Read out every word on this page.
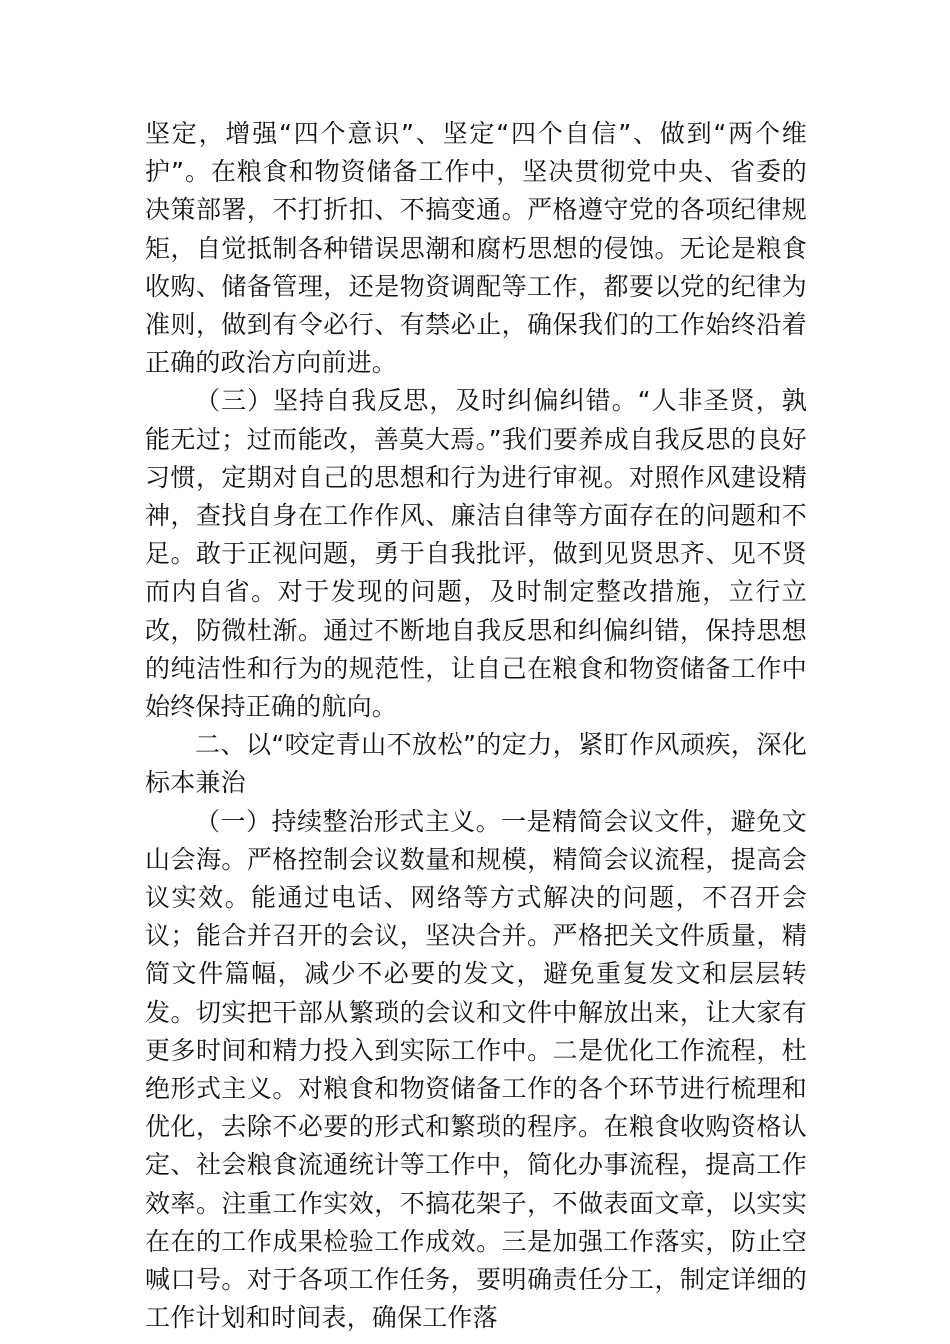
坚定，增强“四个意识”、坚定“四个自信”、做到“两个维护”。在粮食和物资储备工作中，坚决贯彻党中央、省委的决策部署，不打折扣、不搞变通。严格遵守党的各项纪律规矩，自觉抵制各种错误思潮和腐朽思想的侵蚀。无论是粮食收购、储备管理，还是物资调配等工作，都要以党的纪律为准则，做到有令必行、有禁必止，确保我们的工作始终沿着正确的政治方向前进。

（三）坚持自我反思，及时纠偏纠错。“人非圣贤，孰能无过；过而能改，善莫大焉。”我们要养成自我反思的良好习惯，定期对自己的思想和行为进行审视。对照作风建设精神，查找自身在工作作风、廉洁自律等方面存在的问题和不足。敢于正视问题，勇于自我批评，做到见贤思齐、见不贤而内自省。对于发现的问题，及时制定整改措施，立行立改，防微杜渐。通过不断地自我反思和纠偏纠错，保持思想的纯洁性和行为的规范性，让自己在粮食和物资储备工作中始终保持正确的航向。

二、以“咬定青山不放松”的定力，紧盯作风顽疾，深化标本兼治

（一）持续整治形式主义。一是精简会议文件，避免文山会海。严格控制会议数量和规模，精简会议流程，提高会议实效。能通过电话、网络等方式解决的问题，不召开会议；能合并召开的会议，坚决合并。严格把关文件质量，精简文件篇幅，减少不必要的发文，避免重复发文和层层转发。切实把干部从繁琐的会议和文件中解放出来，让大家有更多时间和精力投入到实际工作中。二是优化工作流程，杜绝形式主义。对粮食和物资储备工作的各个环节进行梳理和优化，去除不必要的形式和繁琐的程序。在粮食收购资格认定、社会粮食流通统计等工作中，简化办事流程，提高工作效率。注重工作实效，不搞花架子，不做表面文章，以实实在在的工作成果检验工作成效。三是加强工作落实，防止空喊口号。对于各项工作任务，要明确责任分工，制定详细的工作计划和时间表，确保工作落
